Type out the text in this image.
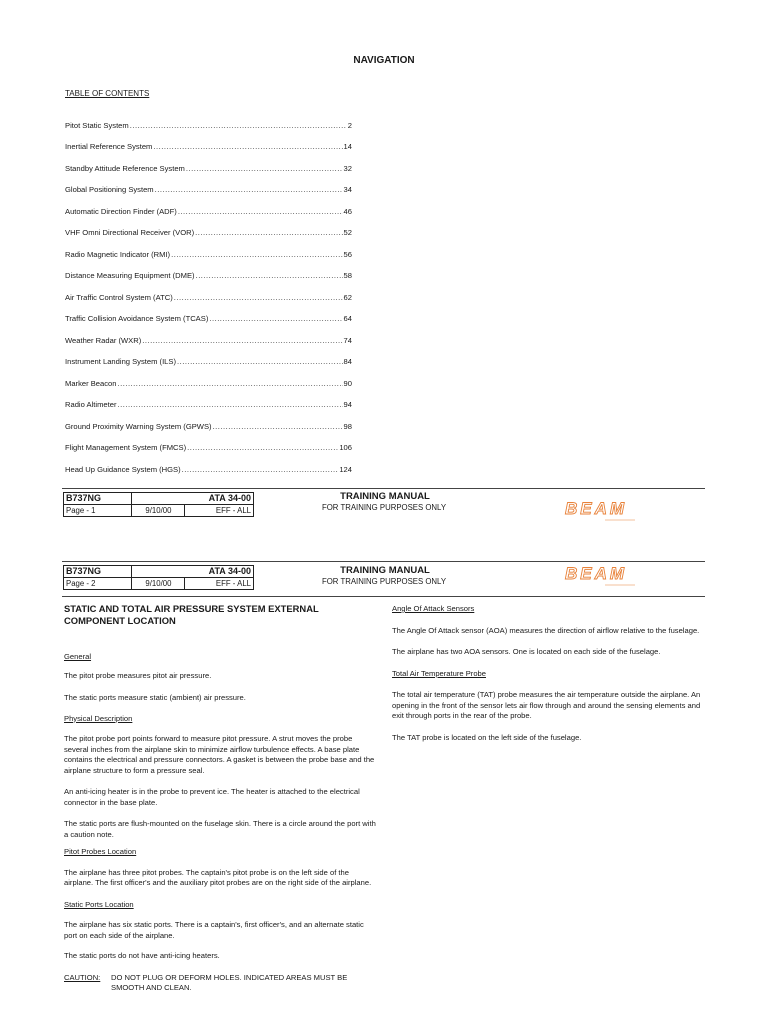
NAVIGATION
TABLE OF CONTENTS
Pitot Static System .....	2
Inertial Reference System .....	14
Standby Attitude Reference System .....	32
Global Positioning System .....	34
Automatic Direction Finder (ADF) .....	46
VHF Omni Directional Receiver (VOR) .....	52
Radio Magnetic Indicator (RMI) .....	56
Distance Measuring Equipment (DME) .....	58
Air Traffic Control System (ATC) .....	62
Traffic Collision Avoidance System (TCAS) .....	64
Weather Radar (WXR) .....	74
Instrument Landing System (ILS) .....	84
Marker Beacon .....	90
Radio Altimeter .....	94
Ground Proximity Warning System (GPWS) .....	98
Flight Management System (FMCS) .....	106
Head Up Guidance System (HGS) .....	124
B737NG	ATA 34-00	
Page - 1	9/10/00	EFF - ALL
TRAINING MANUAL
FOR TRAINING PURPOSES ONLY	BEAM
B737NG	ATA 34-00	
Page - 2	9/10/00	EFF - ALL
TRAINING MANUAL
FOR TRAINING PURPOSES ONLY	BEAM
STATIC AND TOTAL AIR PRESSURE SYSTEM EXTERNAL
COMPONENT LOCATION

General

The pitot probe measures pitot air pressure.

The static ports measure static (ambient) air pressure.

Physical Description

The pitot probe port points forward to measure pitot pressure. A strut moves the probe several inches from the airplane skin to minimize airflow turbulence effects. A base plate contains the electrical and pressure connectors. A gasket is between the probe base and the airplane structure to form a pressure seal.

An anti-icing heater is in the probe to prevent ice. The heater is attached to the electrical connector in the base plate.

The static ports are flush-mounted on the fuselage skin. There is a circle around the port with a caution note.

Pitot Probes Location

The airplane has three pitot probes. The captain's pitot probe is on the left side of the airplane. The first officer's and the auxiliary pitot probes are on the right side of the airplane.

Static Ports Location

The airplane has six static ports. There is a captain's, first officer's, and an alternate static port on each side of the airplane.

The static ports do not have anti-icing heaters.

CAUTION:	DO NOT PLUG OR DEFORM HOLES. INDICATED AREAS MUST BE SMOOTH AND CLEAN.

Angle Of Attack Sensors

The Angle Of Attack sensor (AOA) measures the direction of airflow relative to the fuselage.

The airplane has two AOA sensors. One is located on each side of the fuselage.

Total Air Temperature Probe

The total air temperature (TAT) probe measures the air temperature outside the airplane. An opening in the front of the sensor lets air flow through and around the sensing elements and exit through ports in the rear of the probe.

The TAT probe is located on the left side of the fuselage.
